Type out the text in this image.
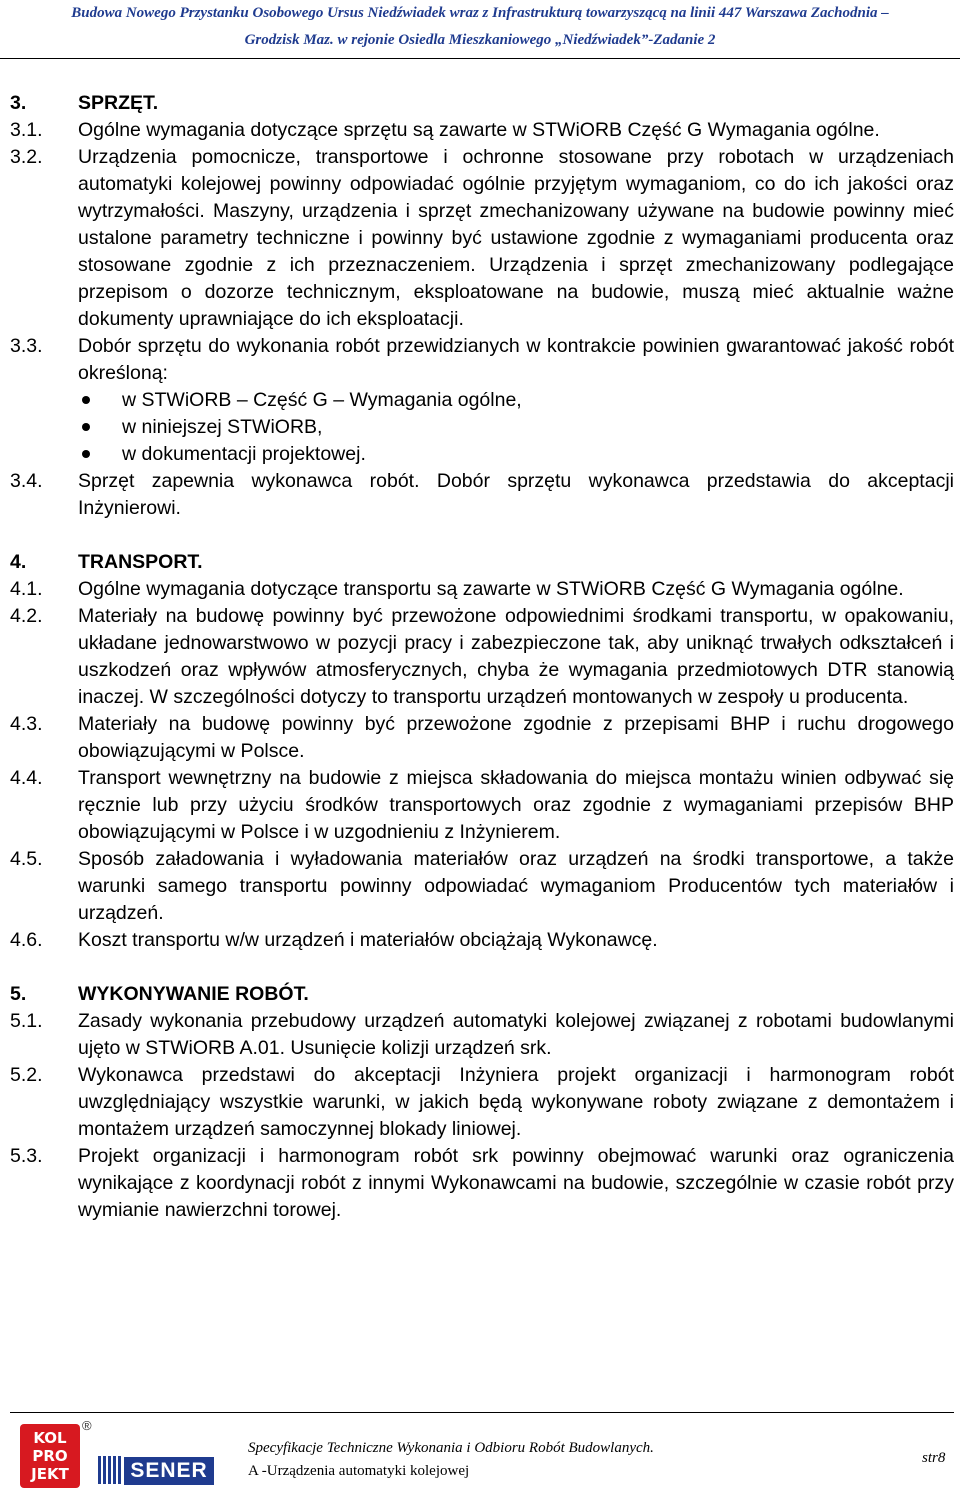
Budowa Nowego Przystanku Osobowego Ursus Niedźwiadek wraz z Infrastrukturą towarzyszącą na linii 447 Warszawa Zachodnia –
Grodzisk Maz. w rejonie Osiedla Mieszkaniowego „Niedźwiadek”-Zadanie 2
3.	SPRZĘT.
3.1.	Ogólne wymagania dotyczące sprzętu są zawarte w STWiORB Część G Wymagania ogólne.
3.2.	Urządzenia pomocnicze, transportowe i ochronne stosowane przy robotach w urządzeniach automatyki kolejowej powinny odpowiadać ogólnie przyjętym wymaganiom, co do ich jakości oraz wytrzymałości. Maszyny, urządzenia i sprzęt zmechanizowany używane na budowie powinny mieć ustalone parametry techniczne i powinny być ustawione zgodnie z wymaganiami producenta oraz stosowane zgodnie z ich przeznaczeniem. Urządzenia i sprzęt zmechanizowany podlegające przepisom o dozorze technicznym, eksploatowane na budowie, muszą mieć aktualnie ważne dokumenty uprawniające do ich eksploatacji.
3.3.	Dobór sprzętu do wykonania robót przewidzianych w kontrakcie powinien gwarantować jakość robót określoną:
w STWiORB – Część G – Wymagania ogólne,
w niniejszej STWiORB,
w dokumentacji projektowej.
3.4.	Sprzęt zapewnia wykonawca robót. Dobór sprzętu wykonawca przedstawia do akceptacji Inżynierowi.
4.	TRANSPORT.
4.1.	Ogólne wymagania dotyczące transportu są zawarte w STWiORB Część G Wymagania ogólne.
4.2.	Materiały na budowę powinny być przewożone odpowiednimi środkami transportu, w opakowaniu, układane jednowarstwowo w pozycji pracy i zabezpieczone tak, aby uniknąć trwałych odkształceń i uszkodzeń oraz wpływów atmosferycznych, chyba że wymagania przedmiotowych DTR stanowią inaczej. W szczególności dotyczy to transportu urządzeń montowanych w zespoły u producenta.
4.3.	Materiały na budowę powinny być przewożone zgodnie z przepisami BHP i ruchu drogowego obowiązującymi w Polsce.
4.4.	Transport wewnętrzny na budowie z miejsca składowania do miejsca montażu winien odbywać się ręcznie lub przy użyciu środków transportowych oraz zgodnie z wymaganiami przepisów BHP obowiązującymi w Polsce i w uzgodnieniu z Inżynierem.
4.5.	Sposób załadowania i wyładowania materiałów oraz urządzeń na środki transportowe, a także warunki samego transportu powinny odpowiadać wymaganiom Producentów tych materiałów i urządzeń.
4.6.	Koszt transportu w/w urządzeń i materiałów obciążają Wykonawcę.
5.	WYKONYWANIE ROBÓT.
5.1.	Zasady wykonania przebudowy urządzeń automatyki kolejowej związanej z robotami budowlanymi ujęto w STWiORB A.01. Usunięcie kolizji urządzeń srk.
5.2.	Wykonawca przedstawi do akceptacji Inżyniera projekt organizacji i harmonogram robót uwzględniający wszystkie warunki, w jakich będą wykonywane roboty związane z demontażem i montażem urządzeń samoczynnej blokady liniowej.
5.3.	Projekt organizacji i harmonogram robót srk powinny obejmować warunki oraz ograniczenia wynikające z koordynacji robót z innymi Wykonawcami na budowie, szczególnie w czasie robót przy wymianie nawierzchni torowej.
KOL
PRO
JEKT
®
SENER
Specyfikacje Techniczne Wykonania i Odbioru Robót Budowlanych.
A -Urządzenia automatyki kolejowej
str8
